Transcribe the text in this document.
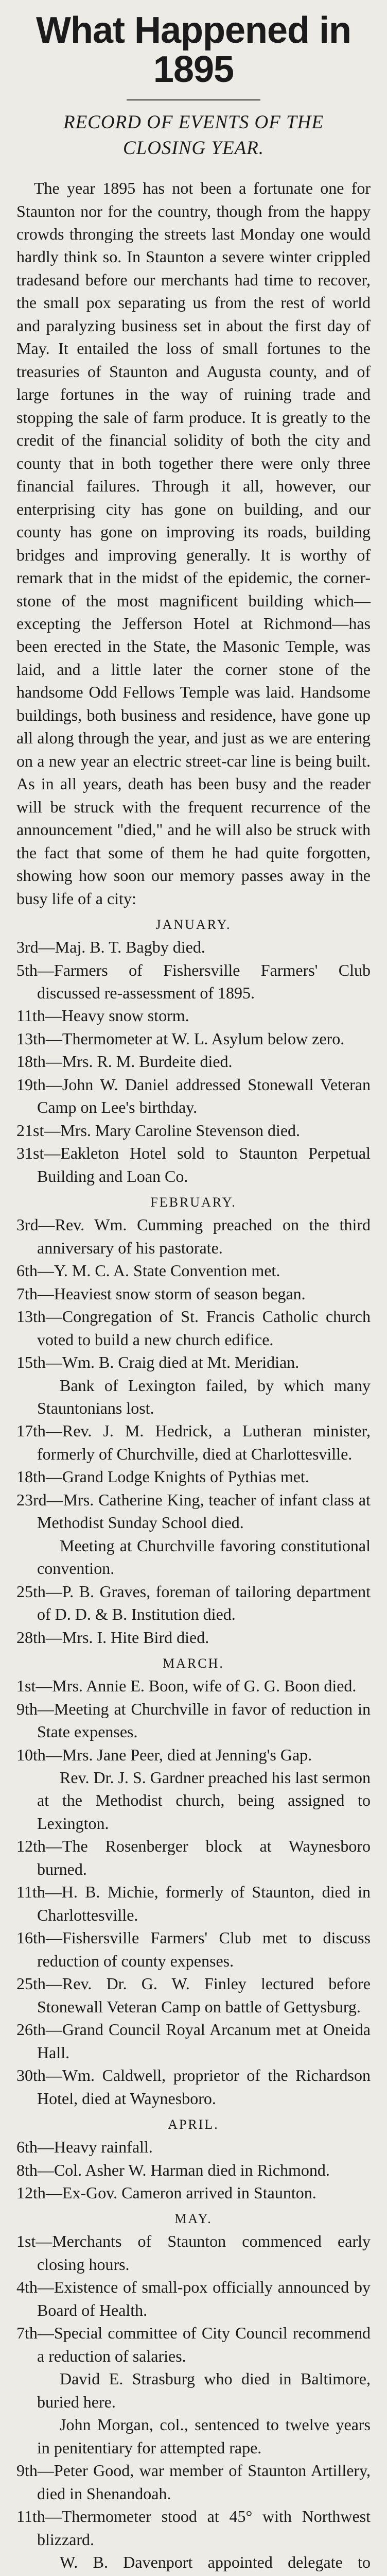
What Happened in 1895
RECORD OF EVENTS OF THE CLOSING YEAR.

The year 1895 has not been a fortunate one for Staunton nor for the country, though from the happy crowds thronging the streets last Monday one would hardly think so. In Staunton a severe winter crippled tradesand before our merchants had time to recover, the small pox separating us from the rest of world and paralyzing business set in about the first day of May. It entailed the loss of small fortunes to the treasuries of Staunton and Augusta county, and of large fortunes in the way of ruining trade and stopping the sale of farm produce. It is greatly to the credit of the financial solidity of both the city and county that in both together there were only three financial failures. Through it all, however, our enterprising city has gone on building, and our county has gone on improving its roads, building bridges and improving generally. It is worthy of remark that in the midst of the epidemic, the corner-stone of the most magnificent building which—excepting the Jefferson Hotel at Richmond—has been erected in the State, the Masonic Temple, was laid, and a little later the corner stone of the handsome Odd Fellows Temple was laid. Handsome buildings, both business and residence, have gone up all along through the year, and just as we are entering on a new year an electric street-car line is being built. As in all years, death has been busy and the reader will be struck with the frequent recurrence of the announcement "died," and he will also be struck with the fact that some of them he had quite forgotten, showing how soon our memory passes away in the busy life of a city:

JANUARY.

3rd—Maj. B. T. Bagby died.

5th—Farmers of Fishersville Farmers' Club discussed re-assessment of 1895.

11th—Heavy snow storm.

13th—Thermometer at W. L. Asylum below zero.

18th—Mrs. R. M. Burdeite died.

19th—John W. Daniel addressed Stonewall Veteran Camp on Lee's birthday.

21st—Mrs. Mary Caroline Stevenson died.

31st—Eakleton Hotel sold to Staunton Perpetual Building and Loan Co.

FEBRUARY.

3rd—Rev. Wm. Cumming preached on the third anniversary of his pastorate.

6th—Y. M. C. A. State Convention met.

7th—Heaviest snow storm of season began.

13th—Congregation of St. Francis Catholic church voted to build a new church edifice.

15th—Wm. B. Craig died at Mt. Meridian.

Bank of Lexington failed, by which many Stauntonians lost.

17th—Rev. J. M. Hedrick, a Lutheran minister, formerly of Churchville, died at Charlottesville.

18th—Grand Lodge Knights of Pythias met.

23rd—Mrs. Catherine King, teacher of infant class at Methodist Sunday School died.

Meeting at Churchville favoring constitutional convention.

25th—P. B. Graves, foreman of tailoring department of D. D. & B. Institution died.

28th—Mrs. I. Hite Bird died.

MARCH.

1st—Mrs. Annie E. Boon, wife of G. G. Boon died.

9th—Meeting at Churchville in favor of reduction in State expenses.

10th—Mrs. Jane Peer, died at Jenning's Gap.

Rev. Dr. J. S. Gardner preached his last sermon at the Methodist church, being assigned to Lexington.

12th—The Rosenberger block at Waynesboro burned.

11th—H. B. Michie, formerly of Staunton, died in Charlottesville.

16th—Fishersville Farmers' Club met to discuss reduction of county expenses.

25th—Rev. Dr. G. W. Finley lectured before Stonewall Veteran Camp on battle of Gettysburg.

26th—Grand Council Royal Arcanum met at Oneida Hall.

30th—Wm. Caldwell, proprietor of the Richardson Hotel, died at Waynesboro.

APRIL.

6th—Heavy rainfall.

8th—Col. Asher W. Harman died in Richmond.

12th—Ex-Gov. Cameron arrived in Staunton.

MAY.

1st—Merchants of Staunton commenced early closing hours.

4th—Existence of small-pox officially announced by Board of Health.

7th—Special committee of City Council recommend a reduction of salaries.

David E. Strasburg who died in Baltimore, buried here.

John Morgan, col., sentenced to twelve years in penitentiary for attempted rape.

9th—Peter Good, war member of Staunton Artillery, died in Shenandoah.

11th—Thermometer stood at 45° with Northwest blizzard.

W. B. Davenport appointed delegate to
